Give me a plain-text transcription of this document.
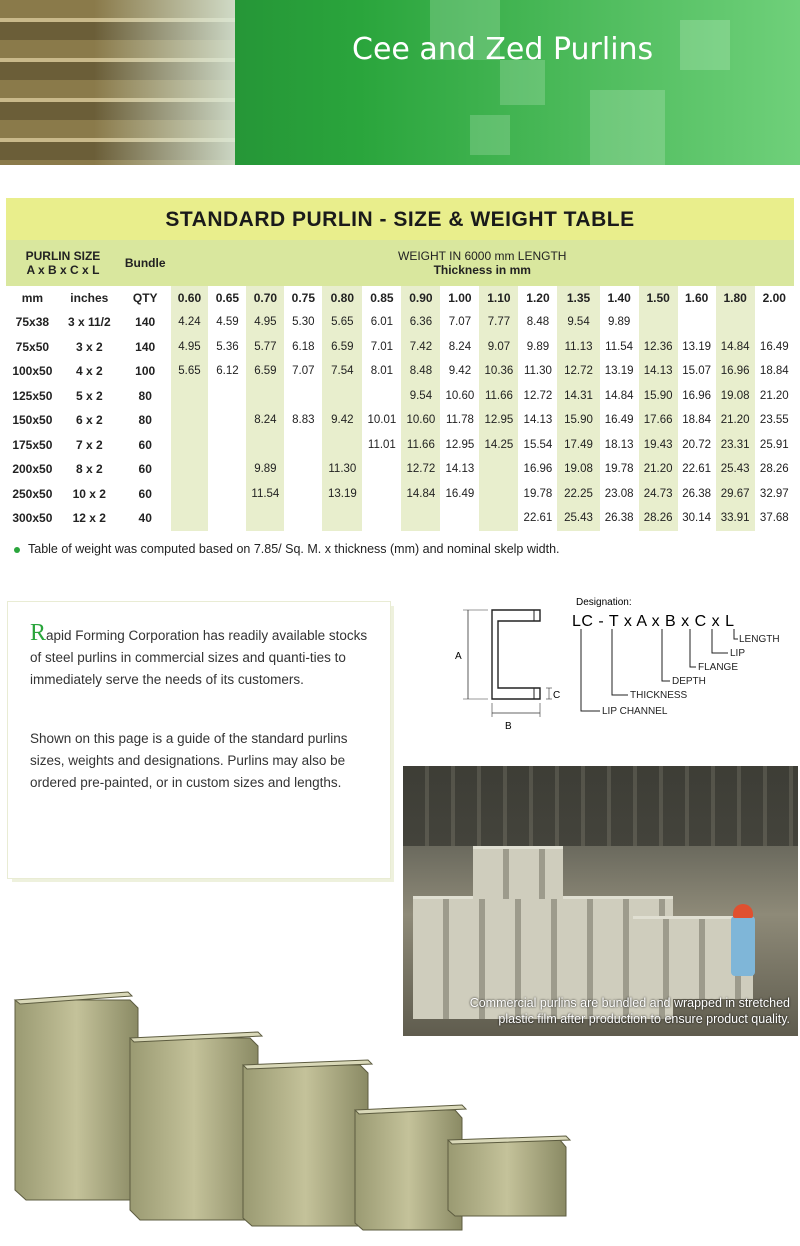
Cee and Zed Purlins
STANDARD PURLIN - SIZE & WEIGHT TABLE
PURLIN SIZE
A x B x C x L		Bundle	WEIGHT IN 6000 mm LENGTH
Thickness in mm															
mm	inches	QTY	0.60	0.65	0.70	0.75	0.80	0.85	0.90	1.00	1.10	1.20	1.35	1.40	1.50	1.60	1.80	2.00
75x38	3 x 11/2	140	4.24	4.59	4.95	5.30	5.65	6.01	6.36	7.07	7.77	8.48	9.54	9.89				
75x50	3 x 2	140	4.95	5.36	5.77	6.18	6.59	7.01	7.42	8.24	9.07	9.89	11.13	11.54	12.36	13.19	14.84	16.49
100x50	4 x 2	100	5.65	6.12	6.59	7.07	7.54	8.01	8.48	9.42	10.36	11.30	12.72	13.19	14.13	15.07	16.96	18.84
125x50	5 x 2	80							9.54	10.60	11.66	12.72	14.31	14.84	15.90	16.96	19.08	21.20
150x50	6 x 2	80			8.24	8.83	9.42	10.01	10.60	11.78	12.95	14.13	15.90	16.49	17.66	18.84	21.20	23.55
175x50	7 x 2	60						11.01	11.66	12.95	14.25	15.54	17.49	18.13	19.43	20.72	23.31	25.91
200x50	8 x 2	60			9.89		11.30		12.72	14.13		16.96	19.08	19.78	21.20	22.61	25.43	28.26
250x50	10 x 2	60			11.54		13.19		14.84	16.49		19.78	22.25	23.08	24.73	26.38	29.67	32.97
300x50	12 x 2	40										22.61	25.43	26.38	28.26	30.14	33.91	37.68
Table of weight was computed based on 7.85/ Sq. M. x thickness (mm) and nominal skelp width.

Rapid Forming Corporation has readily available stocks of steel purlins in commercial sizes and quanti-ties to immediately serve the needs of its customers.

Shown on this page is a guide of the standard purlins sizes, weights and designations. Purlins may also be ordered pre-painted, or in custom sizes and lengths.

A
B
C
Designation:
LC - T x A x B x C x L
LENGTH
LIP
FLANGE
DEPTH
THICKNESS
LIP CHANNEL
Commercial purlins are bundled and wrapped in stretched
plastic film after production to ensure product quality.
